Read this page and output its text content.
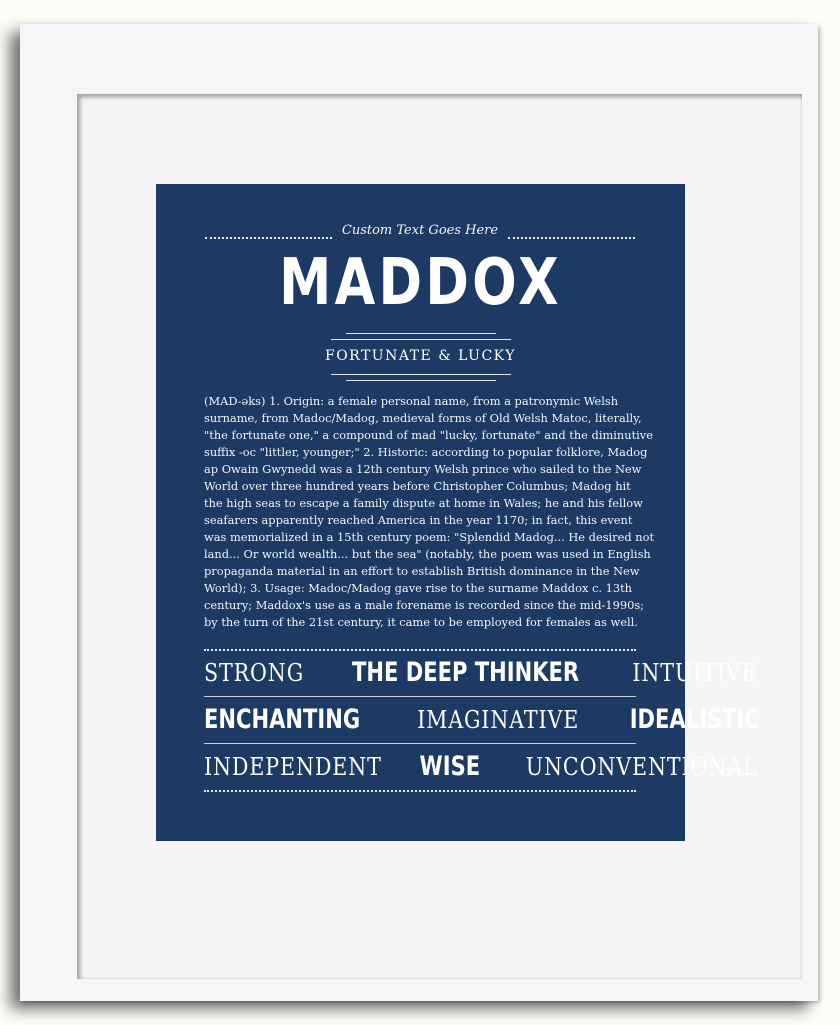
Custom Text Goes Here
MADDOX
FORTUNATE & LUCKY
(MAD-əks) 1. Origin: a female personal name, from a patronymic Welsh
surname, from Madoc/Madog, medieval forms of Old Welsh Matoc, literally,
"the fortunate one," a compound of mad "lucky, fortunate" and the diminutive
suffix -oc "littler, younger;" 2. Historic: according to popular folklore, Madog
ap Owain Gwynedd was a 12th century Welsh prince who sailed to the New
World over three hundred years before Christopher Columbus; Madog hit
the high seas to escape a family dispute at home in Wales; he and his fellow
seafarers apparently reached America in the year 1170; in fact, this event
was memorialized in a 15th century poem: "Splendid Madog... He desired not
land... Or world wealth... but the sea" (notably, the poem was used in English
propaganda material in an effort to establish British dominance in the New
World); 3. Usage: Madoc/Madog gave rise to the surname Maddox c. 13th
century; Maddox's use as a male forename is recorded since the mid-1990s;
by the turn of the 21st century, it came to be employed for females as well.
STRONG THE DEEP THINKER INTUITIVE
ENCHANTING IMAGINATIVE IDEALISTIC
INDEPENDENT WISE UNCONVENTIONAL
